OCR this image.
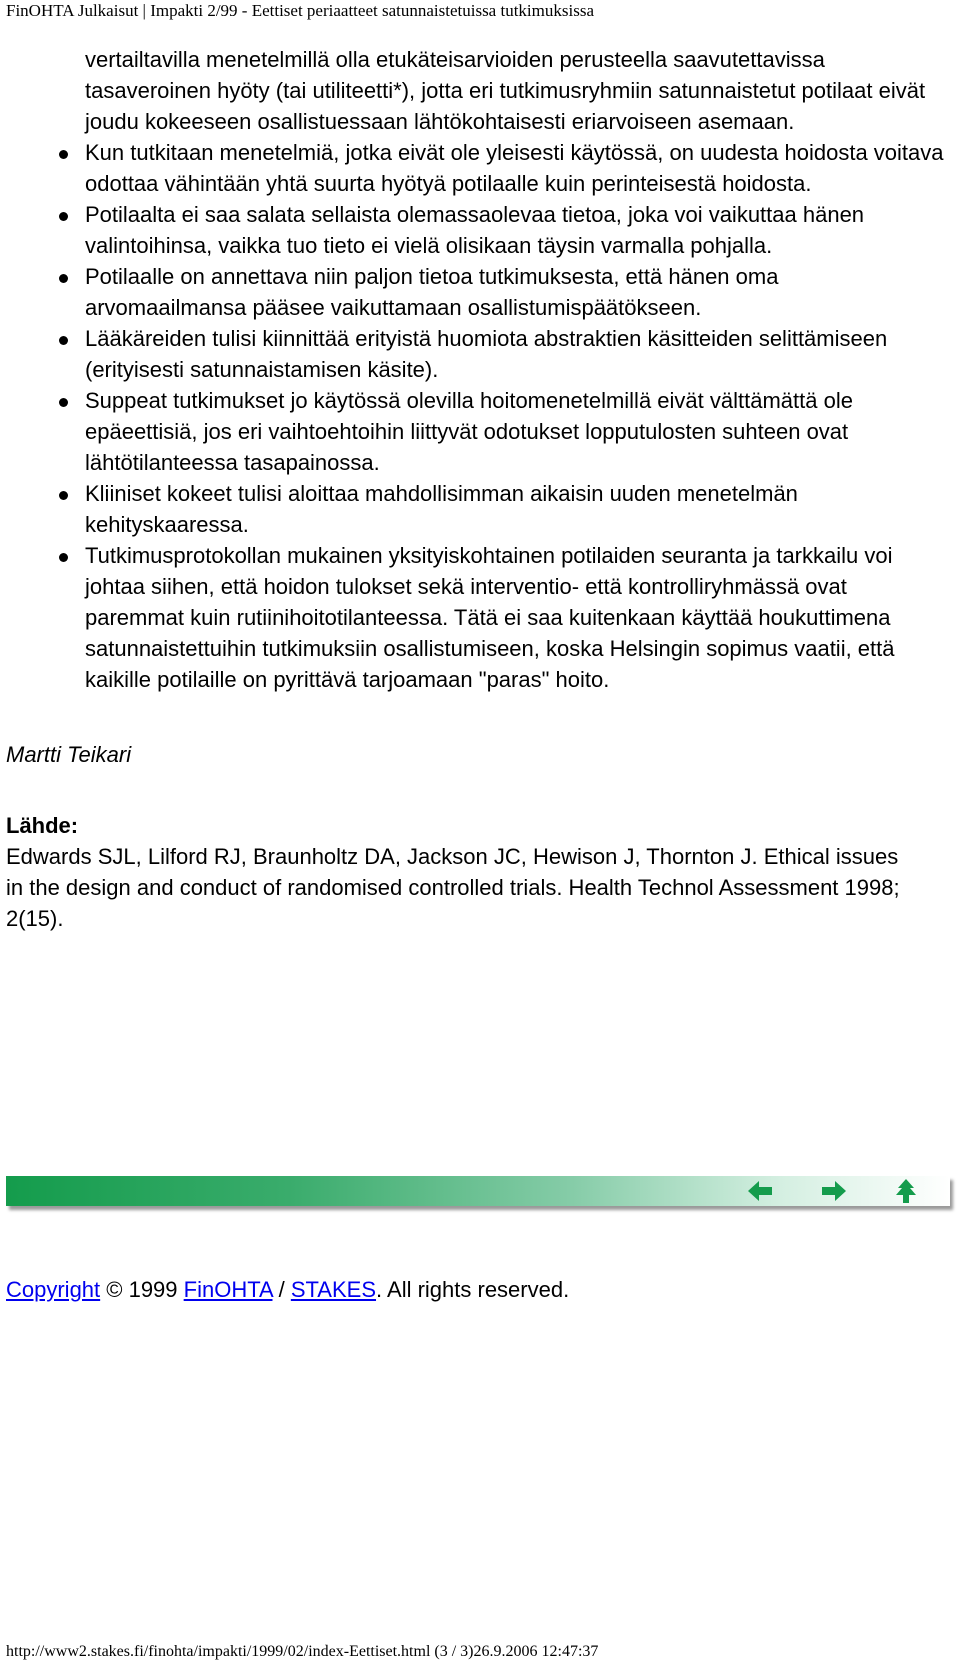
FinOHTA Julkaisut | Impakti 2/99 - Eettiset periaatteet satunnaistetuissa tutkimuksissa
vertailtavilla menetelmillä olla etukäteisarvioiden perusteella saavutettavissa tasaveroinen hyöty (tai utiliteetti*), jotta eri tutkimusryhmiin satunnaistetut potilaat eivät joudu kokeeseen osallistuessaan lähtökohtaisesti eriarvoiseen asemaan.
Kun tutkitaan menetelmiä, jotka eivät ole yleisesti käytössä, on uudesta hoidosta voitava odottaa vähintään yhtä suurta hyötyä potilaalle kuin perinteisestä hoidosta.
Potilaalta ei saa salata sellaista olemassaolevaa tietoa, joka voi vaikuttaa hänen valintoihinsa, vaikka tuo tieto ei vielä olisikaan täysin varmalla pohjalla.
Potilaalle on annettava niin paljon tietoa tutkimuksesta, että hänen oma arvomaailmansa pääsee vaikuttamaan osallistumispäätökseen.
Lääkäreiden tulisi kiinnittää erityistä huomiota abstraktien käsitteiden selittämiseen (erityisesti satunnaistamisen käsite).
Suppeat tutkimukset jo käytössä olevilla hoitomenetelmillä eivät välttämättä ole epäeettisiä, jos eri vaihtoehtoihin liittyvät odotukset lopputulosten suhteen ovat lähtötilanteessa tasapainossa.
Kliiniset kokeet tulisi aloittaa mahdollisimman aikaisin uuden menetelmän kehityskaaressa.
Tutkimusprotokollan mukainen yksityiskohtainen potilaiden seuranta ja tarkkailu voi johtaa siihen, että hoidon tulokset sekä interventio- että kontrolliryhmässä ovat paremmat kuin rutiinihoitotilanteessa. Tätä ei saa kuitenkaan käyttää houkuttimena satunnaistettuihin tutkimuksiin osallistumiseen, koska Helsingin sopimus vaatii, että kaikille potilaille on pyrittävä tarjoamaan "paras" hoito.
Martti Teikari
Lähde:
Edwards SJL, Lilford RJ, Braunholtz DA, Jackson JC, Hewison J, Thornton J. Ethical issues in the design and conduct of randomised controlled trials. Health Technol Assessment 1998; 2(15).
Copyright © 1999 FinOHTA / STAKES. All rights reserved.
http://www2.stakes.fi/finohta/impakti/1999/02/index-Eettiset.html (3 / 3)26.9.2006 12:47:37
